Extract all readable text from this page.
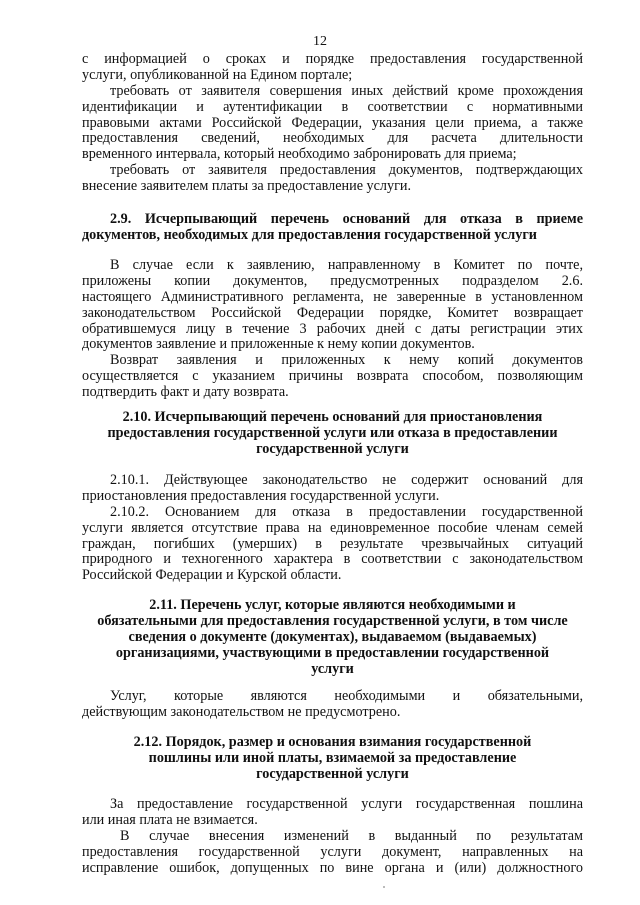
12
с информацией о сроках и порядке предоставления государственной
услуги, опубликованной на Едином портале;
требовать от заявителя совершения иных действий кроме прохождения
идентификации и аутентификации в соответствии с нормативными
правовыми актами Российской Федерации, указания цели приема, а также
предоставления сведений, необходимых для расчета длительности
временного интервала, который необходимо забронировать для приема;
требовать от заявителя предоставления документов, подтверждающих
внесение заявителем платы за предоставление услуги.
2.9. Исчерпывающий перечень оснований для отказа в приеме
документов, необходимых для предоставления государственной услуги
В случае если к заявлению, направленному в Комитет по почте,
приложены копии документов, предусмотренных подразделом 2.6.
настоящего Административного регламента, не заверенные в установленном
законодательством Российской Федерации порядке, Комитет возвращает
обратившемуся лицу в течение 3 рабочих дней с даты регистрации этих
документов заявление и приложенные к нему копии документов.
Возврат заявления и приложенных к нему копий документов
осуществляется с указанием причины возврата способом, позволяющим
подтвердить факт и дату возврата.
2.10. Исчерпывающий перечень оснований для приостановления
предоставления государственной услуги или отказа в предоставлении
государственной услуги
2.10.1. Действующее законодательство не содержит оснований для
приостановления предоставления государственной услуги.
2.10.2. Основанием для отказа в предоставлении государственной
услуги является отсутствие права на единовременное пособие членам семей
граждан, погибших (умерших) в результате чрезвычайных ситуаций
природного и техногенного характера в соответствии с законодательством
Российской Федерации и Курской области.
2.11. Перечень услуг, которые являются необходимыми и
обязательными для предоставления государственной услуги, в том числе
сведения о документе (документах), выдаваемом (выдаваемых)
организациями, участвующими в предоставлении государственной
услуги
Услуг, которые являются необходимыми и обязательными,
действующим законодательством не предусмотрено.
2.12. Порядок, размер и основания взимания государственной
пошлины или иной платы, взимаемой за предоставление
государственной услуги
За предоставление государственной услуги государственная пошлина
или иная плата не взимается.
В случае внесения изменений в выданный по результатам
предоставления государственной услуги документ, направленных на
исправление ошибок, допущенных по вине органа и (или) должностного
